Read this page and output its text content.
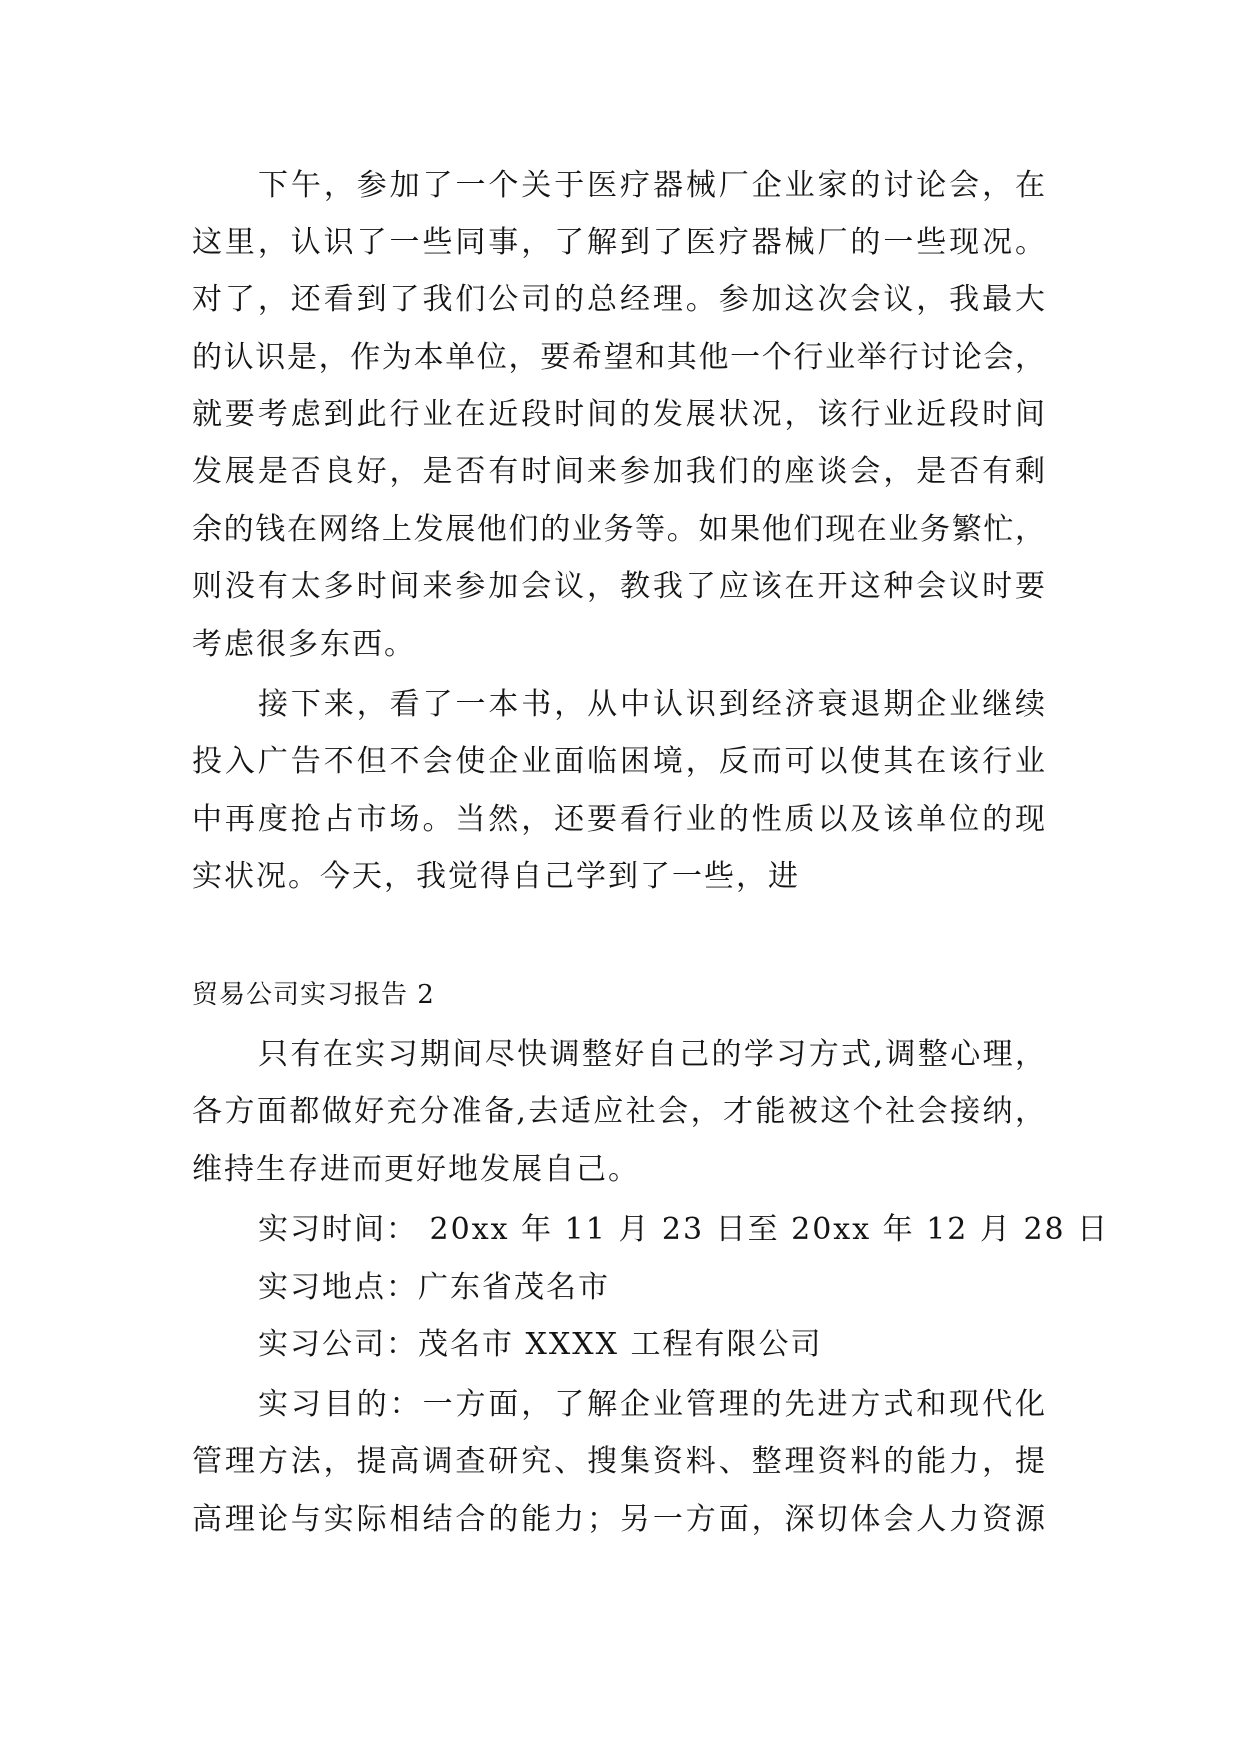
下午，参加了一个关于医疗器械厂企业家的讨论会，在
这里，认识了一些同事，了解到了医疗器械厂的一些现况。
对了，还看到了我们公司的总经理。参加这次会议，我最大
的认识是，作为本单位，要希望和其他一个行业举行讨论会，
就要考虑到此行业在近段时间的发展状况，该行业近段时间
发展是否良好，是否有时间来参加我们的座谈会，是否有剩
余的钱在网络上发展他们的业务等。如果他们现在业务繁忙，
则没有太多时间来参加会议，教我了应该在开这种会议时要
考虑很多东西。
接下来，看了一本书，从中认识到经济衰退期企业继续
投入广告不但不会使企业面临困境，反而可以使其在该行业
中再度抢占市场。当然，还要看行业的性质以及该单位的现
实状况。今天，我觉得自己学到了一些，进
贸易公司实习报告 2
只有在实习期间尽快调整好自己的学习方式,调整心理，
各方面都做好充分准备,去适应社会，才能被这个社会接纳，
维持生存进而更好地发展自己。
实习时间： 20xx 年 11 月 23 日至 20xx 年 12 月 28 日
实习地点：广东省茂名市
实习公司：茂名市 XXXX 工程有限公司
实习目的：一方面，了解企业管理的先进方式和现代化
管理方法，提高调查研究、搜集资料、整理资料的能力，提
高理论与实际相结合的能力；另一方面，深切体会人力资源
